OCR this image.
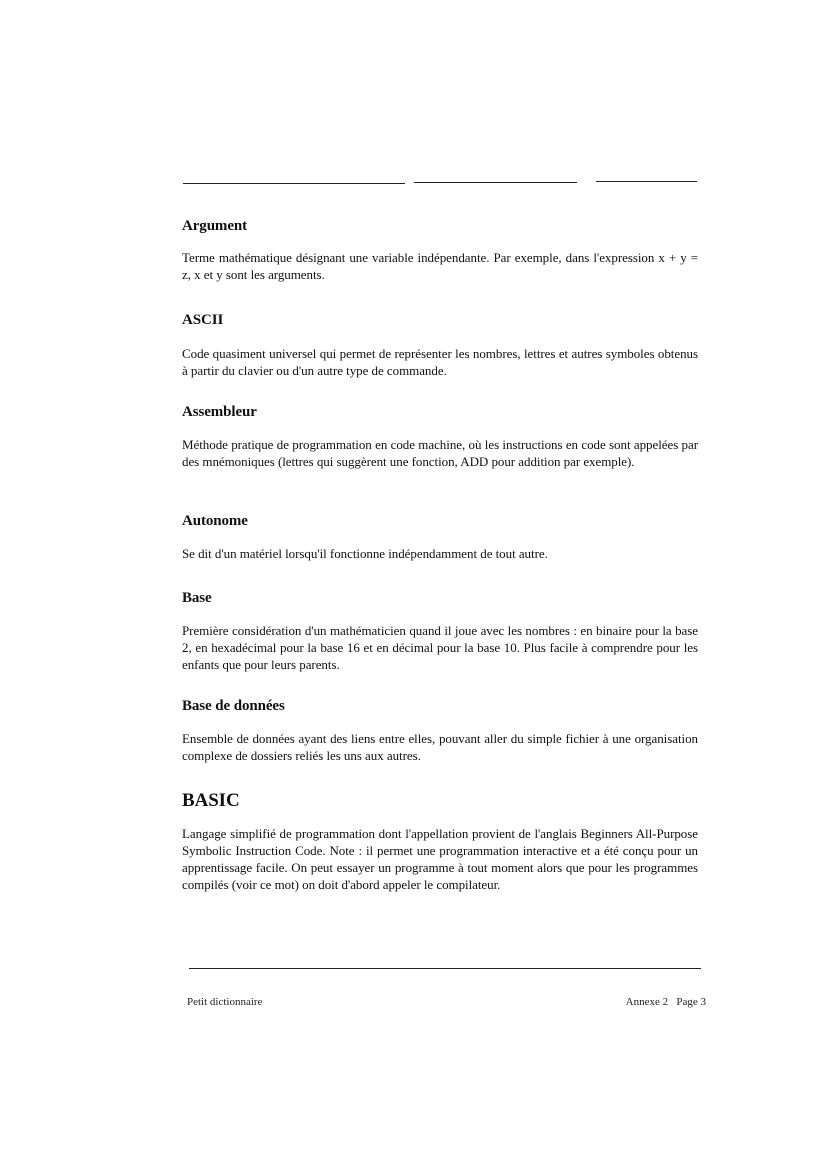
Argument

Terme mathématique désignant une variable indépendante. Par exemple, dans l'expression x + y = z, x et y sont les arguments.

ASCII

Code quasiment universel qui permet de représenter les nombres, lettres et autres symboles obtenus à partir du clavier ou d'un autre type de commande.

Assembleur

Méthode pratique de programmation en code machine, où les instructions en code sont appelées par des mnémoniques (lettres qui suggèrent une fonction, ADD pour addition par exemple).

Autonome

Se dit d'un matériel lorsqu'il fonctionne indépendamment de tout autre.

Base

Première considération d'un mathématicien quand il joue avec les nombres : en binaire pour la base 2, en hexadécimal pour la base 16 et en décimal pour la base 10. Plus facile à comprendre pour les enfants que pour leurs parents.

Base de données

Ensemble de données ayant des liens entre elles, pouvant aller du simple fichier à une organisation complexe de dossiers reliés les uns aux autres.

BASIC

Langage simplifié de programmation dont l'appellation provient de l'anglais Beginners All-Purpose Symbolic Instruction Code. Note : il permet une programmation interactive et a été conçu pour un apprentissage facile. On peut essayer un programme à tout moment alors que pour les programmes compilés (voir ce mot) on doit d'abord appeler le compilateur.

Petit dictionnaire	Annexe 2   Page 3
